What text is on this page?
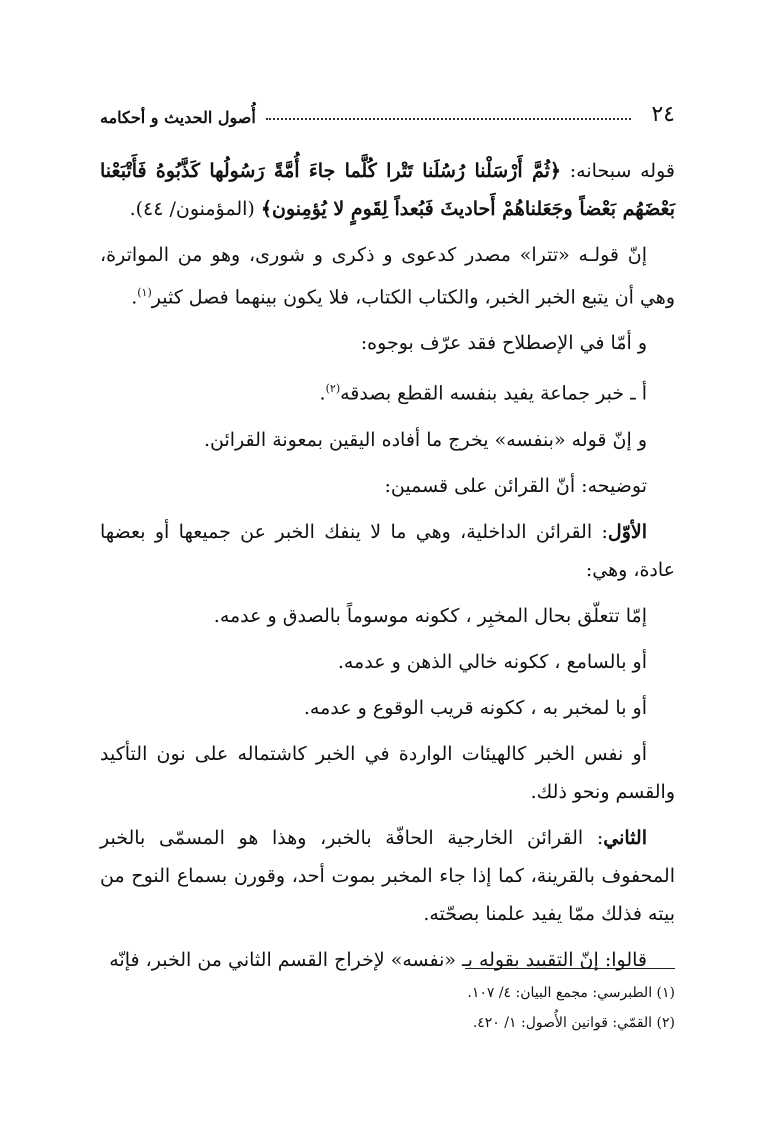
٢٤
أُصول الحديث و أحكامه

قوله سبحانه: ﴿ثُمَّ أَرْسَلْنا رُسُلَنا تَتْرا كُلَّما جاءَ أُمَّةً رَسُولُها كَذَّبُوهُ فَأَتْبَعْنا بَعْضَهُم بَعْضاً وجَعَلناهُمْ أَحاديثَ فَبُعداً لِقَومٍ لا يُؤمِنون﴾ (المؤمنون/ ٤٤).

إنّ قولـه «تترا» مصدر كدعوى و ذكرى و شورى، وهو من المواترة، وهي أن يتبع الخبر الخبر، والكتاب الكتاب، فلا يكون بينهما فصل كثير$^{(١)}$.

و أمّا في الإصطلاح فقد عرّف بوجوه:

أ ـ خبر جماعة يفيد بنفسه القطع بصدقه$^{(٢)}$.

و إنّ قوله «بنفسه» يخرج ما أفاده اليقين بمعونة القرائن.

توضيحه: أنّ القرائن على قسمين:

الأوّل: القرائن الداخلية، وهي ما لا ينفك الخبر عن جميعها أو بعضها عادة، وهي:

إمّا تتعلّق بحال المخبِر ، ككونه موسوماً بالصدق و عدمه.

أو بالسامع ، ككونه خالي الذهن و عدمه.

أو با لمخبر به ، ككونه قريب الوقوع و عدمه.

أو نفس الخبر كالهيئات الواردة في الخبر كاشتماله على نون التأكيد والقسم ونحو ذلك.

الثاني: القرائن الخارجية الحافّة بالخبر، وهذا هو المسمّى بالخبر المحفوف بالقرينة، كما إذا جاء المخبر بموت أحد، وقورن بسماع النوح من بيته فذلك ممّا يفيد علمنا بصحّته.

قالوا: إنّ التقييد بقوله بـ «نفسه» لإخراج القسم الثاني من الخبر، فإنّه

(١) الطبرسي: مجمع البيان: ٤/ ١٠٧.
(٢) القمّي: قوانين الأُصول: ١/ ٤٢٠.
